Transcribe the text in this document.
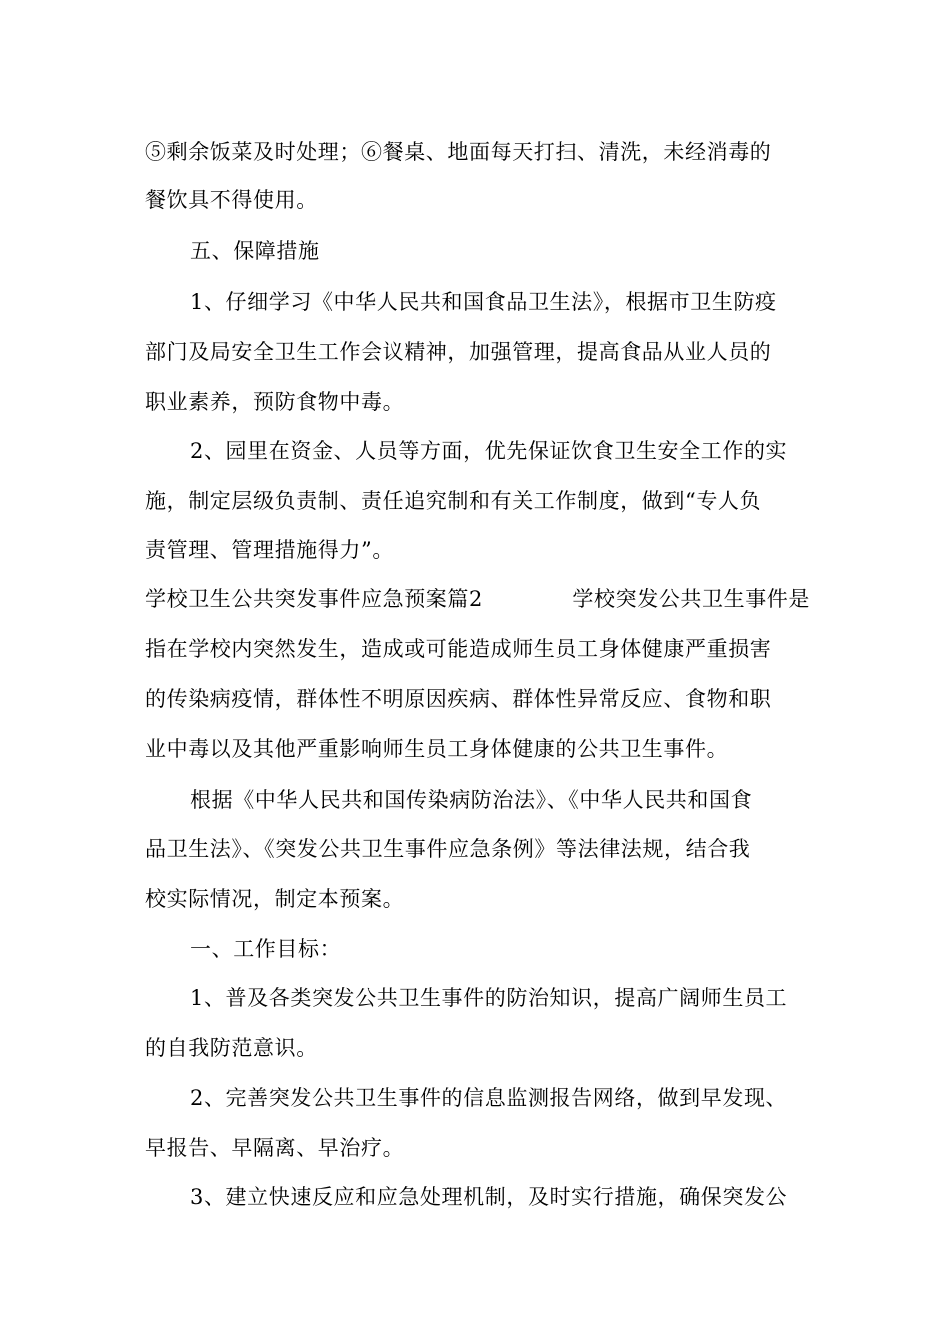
⑤剩余饭菜及时处理；⑥餐桌、地面每天打扫、清洗，未经消毒的
餐饮具不得使用。
五、保障措施
1、仔细学习《中华人民共和国食品卫生法》，根据市卫生防疫
部门及局安全卫生工作会议精神，加强管理，提高食品从业人员的
职业素养，预防食物中毒。
2、园里在资金、人员等方面，优先保证饮食卫生安全工作的实
施，制定层级负责制、责任追究制和有关工作制度，做到“专人负
责管理、管理措施得力”。
学校卫生公共突发事件应急预案篇2	学校突发公共卫生事件是
指在学校内突然发生，造成或可能造成师生员工身体健康严重损害
的传染病疫情，群体性不明原因疾病、群体性异常反应、食物和职
业中毒以及其他严重影响师生员工身体健康的公共卫生事件。
根据《中华人民共和国传染病防治法》、《中华人民共和国食
品卫生法》、《突发公共卫生事件应急条例》等法律法规，结合我
校实际情况，制定本预案。
一、工作目标：
1、普及各类突发公共卫生事件的防治知识，提高广阔师生员工
的自我防范意识。
2、完善突发公共卫生事件的信息监测报告网络，做到早发现、
早报告、早隔离、早治疗。
3、建立快速反应和应急处理机制，及时实行措施，确保突发公
